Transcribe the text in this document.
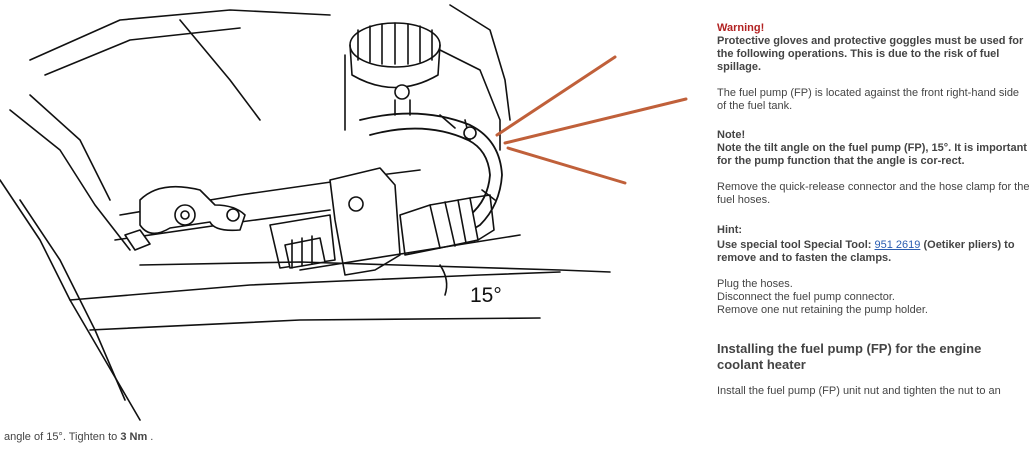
15°

Warning!

Protective gloves and protective goggles must be used for the following operations. This is due to the risk of fuel spillage.

The fuel pump (FP) is located against the front right-hand side of the fuel tank.

Note!

Note the tilt angle on the fuel pump (FP), 15°. It is important for the pump function that the angle is cor-rect.

Remove the quick-release connector and the hose clamp for the fuel hoses.

Hint:

Use special tool Special Tool: 951 2619 (Oetiker pliers) to remove and to fasten the clamps.

Plug the hoses.

Disconnect the fuel pump connector.

Remove one nut retaining the pump holder.

Installing the fuel pump (FP) for the engine coolant heater

Install the fuel pump (FP) unit nut and tighten the nut to an

angle of 15°. Tighten to 3 Nm .
